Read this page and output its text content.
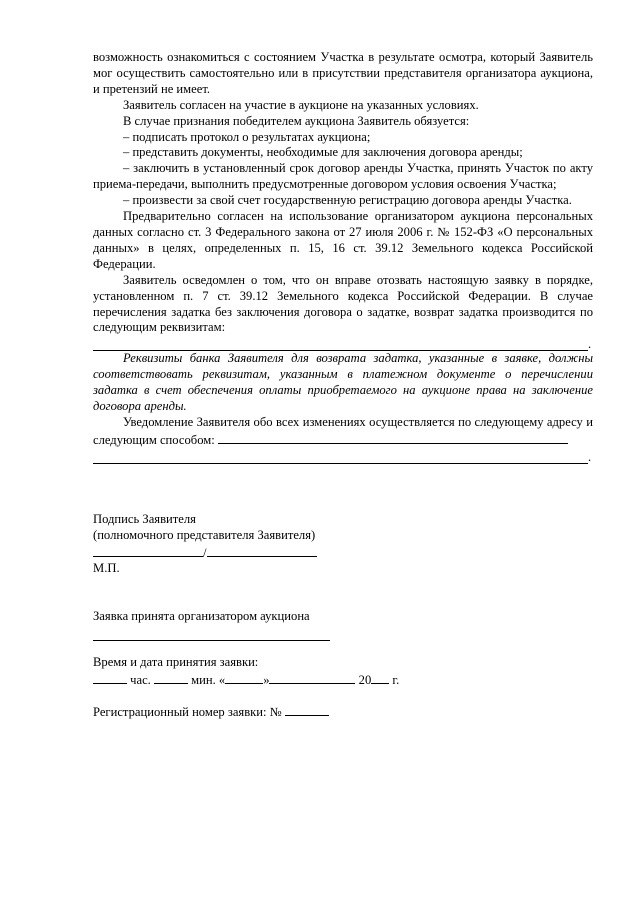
возможность ознакомиться с состоянием Участка в результате осмотра, который Заявитель мог осуществить самостоятельно или в присутствии представителя организатора аукциона, и претензий не имеет.

Заявитель согласен на участие в аукционе на указанных условиях.

В случае признания победителем аукциона Заявитель обязуется:

– подписать протокол о результатах аукциона;

– представить документы, необходимые для заключения договора аренды;

– заключить в установленный срок договор аренды Участка, принять Участок по акту приема-передачи, выполнить предусмотренные договором условия освоения Участка;

– произвести за свой счет государственную регистрацию договора аренды Участка.

Предварительно согласен на использование организатором аукциона персональных данных согласно ст. 3 Федерального закона от 27 июля 2006 г. № 152-ФЗ «О персональных данных» в целях, определенных п. 15, 16 ст. 39.12 Земельного кодекса Российской Федерации.

Заявитель осведомлен о том, что он вправе отозвать настоящую заявку в порядке, установленном п. 7 ст. 39.12 Земельного кодекса Российской Федерации. В случае перечисления задатка без заключения договора о задатке, возврат задатка производится по следующим реквизитам:

.

Реквизиты банка Заявителя для возврата задатка, указанные в заявке, должны соответствовать реквизитам, указанным в платежном документе о перечислении задатка в счет обеспечения оплаты приобретаемого на аукционе права на заключение договора аренды.

Уведомление Заявителя обо всех изменениях осуществляется по следующему адресу и следующим способом:

.

Подпись Заявителя

(полномочного представителя Заявителя)

/

М.П.

Заявка принята организатором аукциона

Время и дата принятия заявки:

час.	мин. «	»	20 г.

Регистрационный номер заявки: №
